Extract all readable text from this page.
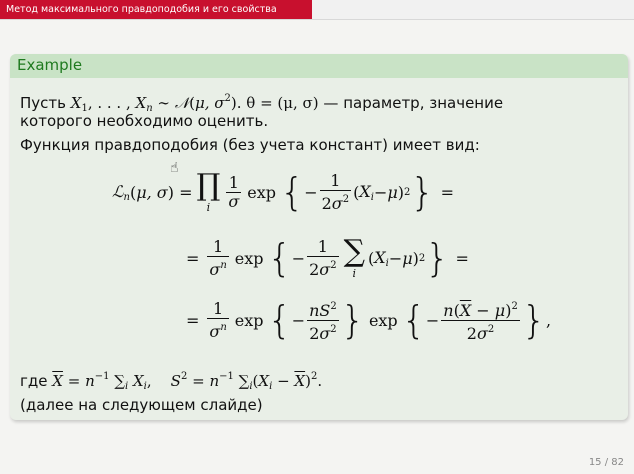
Метод максимального правдоподобия и его свойства
Example
Пусть $X_1$, . . . , $X_n$ ∼ 𝒩(μ, $\sigma^2$). θ = (μ, σ) — параметр, значение
которого необходимо оценить.
Функция правдоподобия (без учета констант) имеет вид:
☝
ℒ$_n$ ( μ, σ ) = ∏
i $\frac{1}{\sigma}$ exp { − $\frac{1}{2\sigma^2}$ ( $X_i - \mu$ ) 2 } =
= $\frac{1}{\sigma^n}$ exp { − $\frac{1}{2\sigma^2}$ ∑
i
( $X_i - \mu$ ) 2 } =
= $\frac{1}{\sigma^n}$ exp { − $\frac{nS^2}{2\sigma^2}$ } exp { − $\frac{n(\overline{X} - \mu)^2}{2\sigma^2}$ } ,
где $\overline{X} = n^{-1}$ $\sum_i$ $X_i$,    $S^2 = n^{-1}$ $\sum_i(X_i - \overline{X})^2$.
(далее на следующем слайде)
15 / 82
